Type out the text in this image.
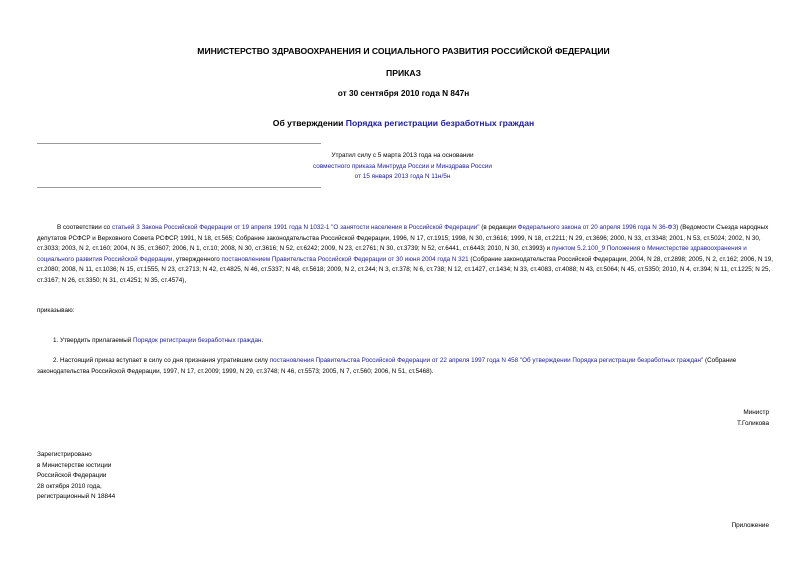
МИНИСТЕРСТВО ЗДРАВООХРАНЕНИЯ И СОЦИАЛЬНОГО РАЗВИТИЯ РОССИЙСКОЙ ФЕДЕРАЦИИ
ПРИКАЗ
от 30 сентября 2010 года N 847н
Об утверждении Порядка регистрации безработных граждан
Утратил силу с 5 марта 2013 года на основании
совместного приказа Минтруда России и Минздрава России
от 15 января 2013 года N 11н/5н
В соответствии со статьей 3 Закона Российской Федерации от 19 апреля 1991 года N 1032-1 "О занятости населения в Российской Федерации" (в редакции Федерального закона от 20 апреля 1996 года N 36-ФЗ) (Ведомости Съезда народных депутатов РСФСР и Верховного Совета РСФСР, 1991, N 18, ст.565; Собрание законодательства Российской Федерации, 1996, N 17, ст.1915; 1998, N 30, ст.3616; 1999, N 18, ст.2211; N 29, ст.3696; 2000, N 33, ст.3348; 2001, N 53, ст.5024; 2002, N 30, ст.3033; 2003, N 2, ст.160; 2004, N 35, ст.3607; 2006, N 1, ст.10; 2008, N 30, ст.3616; N 52, ст.6242; 2009, N 23, ст.2761; N 30, ст.3739; N 52, ст.6441, ст.6443; 2010, N 30, ст.3993) и пунктом 5.2.100_9 Положения о Министерстве здравоохранения и социального развития Российской Федерации, утвержденного постановлением Правительства Российской Федерации от 30 июня 2004 года N 321 (Собрание законодательства Российской Федерации, 2004, N 28, ст.2898; 2005, N 2, ст.162; 2006, N 19, ст.2080; 2008, N 11, ст.1036; N 15, ст.1555, N 23, ст.2713; N 42, ст.4825, N 46, ст.5337; N 48, ст.5618; 2009, N 2, ст.244; N 3, ст.378; N 6, ст.738; N 12, ст.1427, ст.1434; N 33, ст.4083, ст.4088; N 43, ст.5064; N 45, ст.5350; 2010, N 4, ст.394; N 11, ст.1225; N 25, ст.3167; N 26, ст.3350; N 31, ст.4251; N 35, ст.4574),
приказываю:
1. Утвердить прилагаемый Порядок регистрации безработных граждан.
2. Настоящий приказ вступает в силу со дня признания утратившим силу постановления Правительства Российской Федерации от 22 апреля 1997 года N 458 "Об утверждении Порядка регистрации безработных граждан" (Собрание законодательства Российской Федерации, 1997, N 17, ст.2009; 1999, N 29, ст.3748; N 46, ст.5573; 2005, N 7, ст.560; 2006, N 51, ст.5468).
Министр
Т.Голикова
Зарегистрировано
в Министерстве юстиции
Российской Федерации
28 октября 2010 года,
регистрационный N 18844
Приложение
